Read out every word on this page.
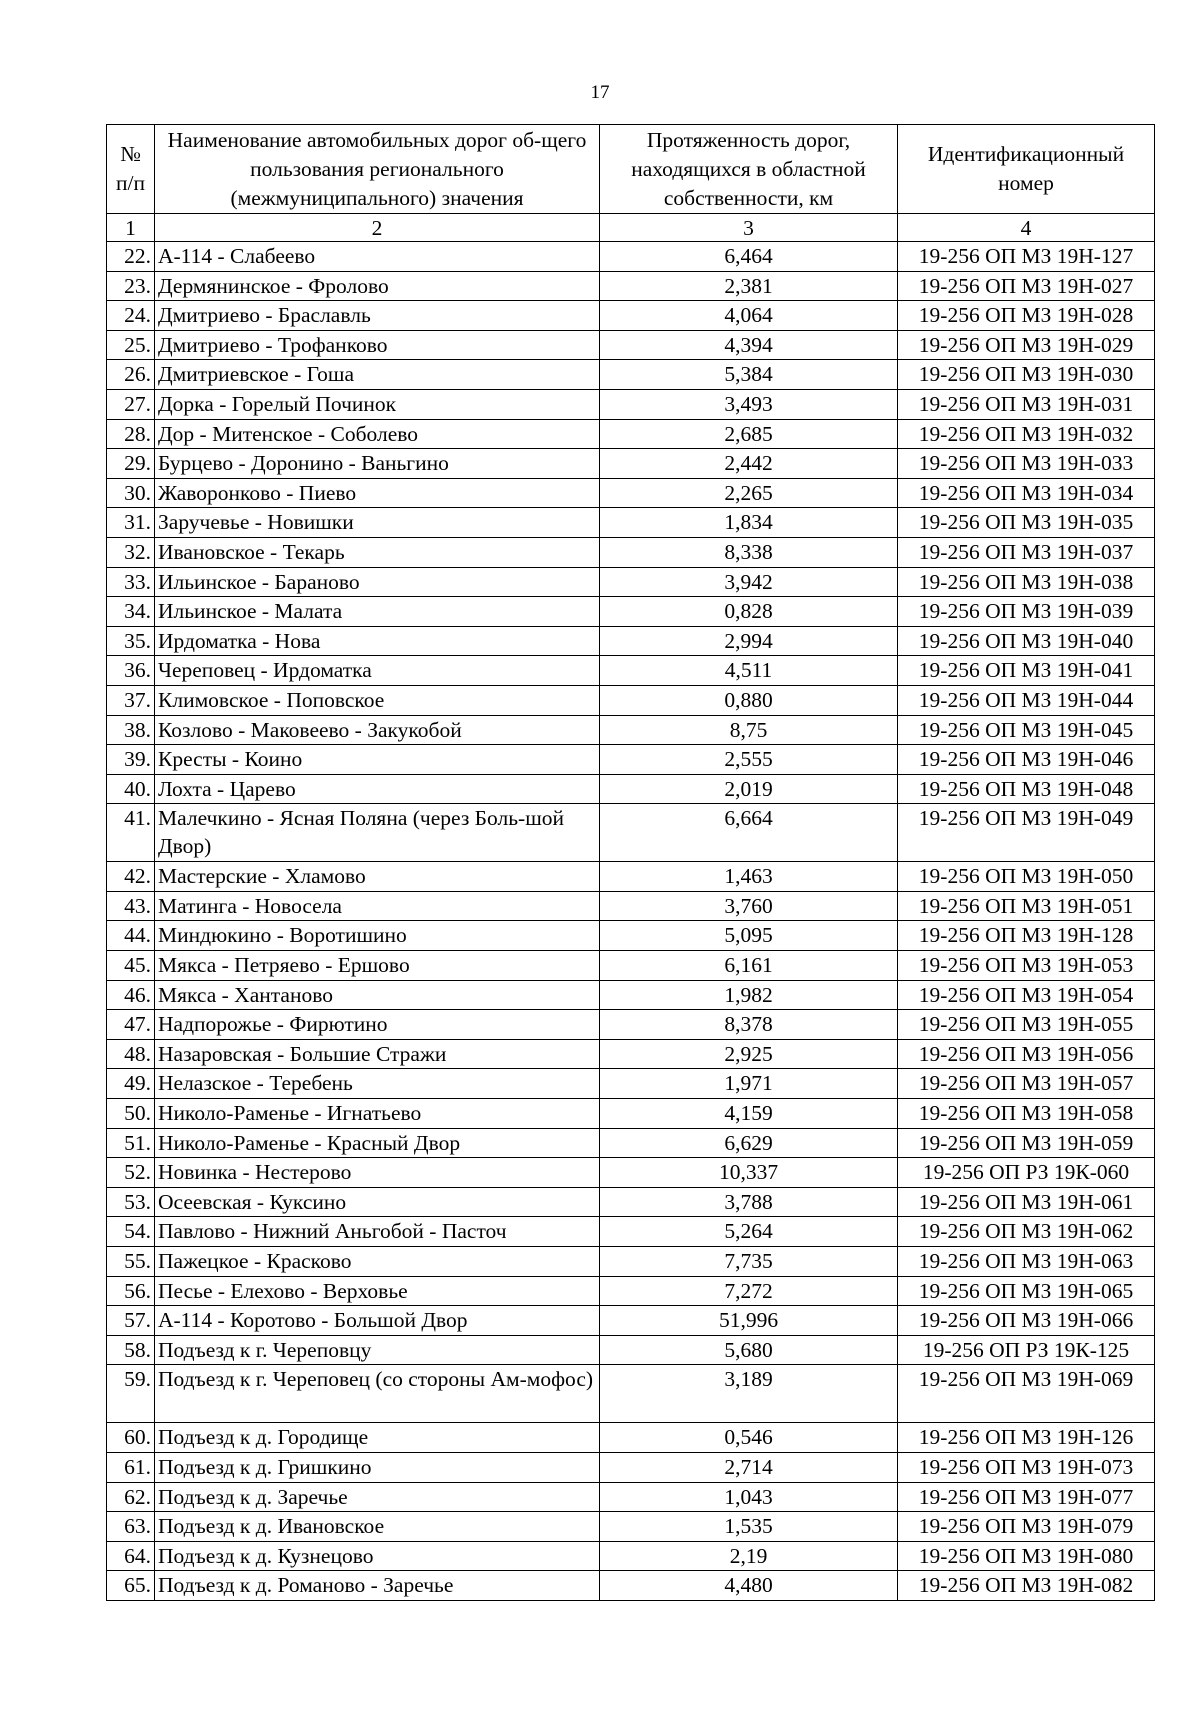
17
№ п/п	Наименование автомобильных дорог об-щего пользования регионального (межмуниципального) значения	Протяженность дорог, находящихся в областной собственности, км	Идентификационный номер
1	2	3	4
22.	А-114 - Слабеево	6,464	19-256 ОП МЗ 19Н-127
23.	Дермянинское - Фролово	2,381	19-256 ОП МЗ 19Н-027
24.	Дмитриево - Браславль	4,064	19-256 ОП МЗ 19Н-028
25.	Дмитриево - Трофанково	4,394	19-256 ОП МЗ 19Н-029
26.	Дмитриевское - Гоша	5,384	19-256 ОП МЗ 19Н-030
27.	Дорка - Горелый Починок	3,493	19-256 ОП МЗ 19Н-031
28.	Дор - Митенское - Соболево	2,685	19-256 ОП МЗ 19Н-032
29.	Бурцево - Доронино - Ваньгино	2,442	19-256 ОП МЗ 19Н-033
30.	Жаворонково - Пиево	2,265	19-256 ОП МЗ 19Н-034
31.	Заручевье - Новишки	1,834	19-256 ОП МЗ 19Н-035
32.	Ивановское - Текарь	8,338	19-256 ОП МЗ 19Н-037
33.	Ильинское - Бараново	3,942	19-256 ОП МЗ 19Н-038
34.	Ильинское - Малата	0,828	19-256 ОП МЗ 19Н-039
35.	Ирдоматка - Нова	2,994	19-256 ОП МЗ 19Н-040
36.	Череповец - Ирдоматка	4,511	19-256 ОП МЗ 19Н-041
37.	Климовское - Поповское	0,880	19-256 ОП МЗ 19Н-044
38.	Козлово - Маковеево - Закукобой	8,75	19-256 ОП МЗ 19Н-045
39.	Кресты - Коино	2,555	19-256 ОП МЗ 19Н-046
40.	Лохта - Царево	2,019	19-256 ОП МЗ 19Н-048
41.	Малечкино - Ясная Поляна (через Боль-шой Двор)	6,664	19-256 ОП МЗ 19Н-049
42.	Мастерские - Хламово	1,463	19-256 ОП МЗ 19Н-050
43.	Матинга - Новосела	3,760	19-256 ОП МЗ 19Н-051
44.	Миндюкино - Воротишино	5,095	19-256 ОП МЗ 19Н-128
45.	Мякса - Петряево - Ершово	6,161	19-256 ОП МЗ 19Н-053
46.	Мякса - Хантаново	1,982	19-256 ОП МЗ 19Н-054
47.	Надпорожье - Фирютино	8,378	19-256 ОП МЗ 19Н-055
48.	Назаровская - Большие Стражи	2,925	19-256 ОП МЗ 19Н-056
49.	Нелазское - Теребень	1,971	19-256 ОП МЗ 19Н-057
50.	Николо-Раменье - Игнатьево	4,159	19-256 ОП МЗ 19Н-058
51.	Николо-Раменье - Красный Двор	6,629	19-256 ОП МЗ 19Н-059
52.	Новинка - Нестерово	10,337	19-256 ОП РЗ 19К-060
53.	Осеевская - Куксино	3,788	19-256 ОП МЗ 19Н-061
54.	Павлово - Нижний Аньгобой - Пасточ	5,264	19-256 ОП МЗ 19Н-062
55.	Пажецкое - Красково	7,735	19-256 ОП МЗ 19Н-063
56.	Песье - Елехово - Верховье	7,272	19-256 ОП МЗ 19Н-065
57.	А-114 - Коротово - Большой Двор	51,996	19-256 ОП МЗ 19Н-066
58.	Подъезд к г. Череповцу	5,680	19-256 ОП РЗ 19К-125
59.	Подъезд к г. Череповец (со стороны Ам-мофос)	3,189	19-256 ОП МЗ 19Н-069
60.	Подъезд к д. Городище	0,546	19-256 ОП МЗ 19Н-126
61.	Подъезд к д. Гришкино	2,714	19-256 ОП МЗ 19Н-073
62.	Подъезд к д. Заречье	1,043	19-256 ОП МЗ 19Н-077
63.	Подъезд к д. Ивановское	1,535	19-256 ОП МЗ 19Н-079
64.	Подъезд к д. Кузнецово	2,19	19-256 ОП МЗ 19Н-080
65.	Подъезд к д. Романово - Заречье	4,480	19-256 ОП МЗ 19Н-082
